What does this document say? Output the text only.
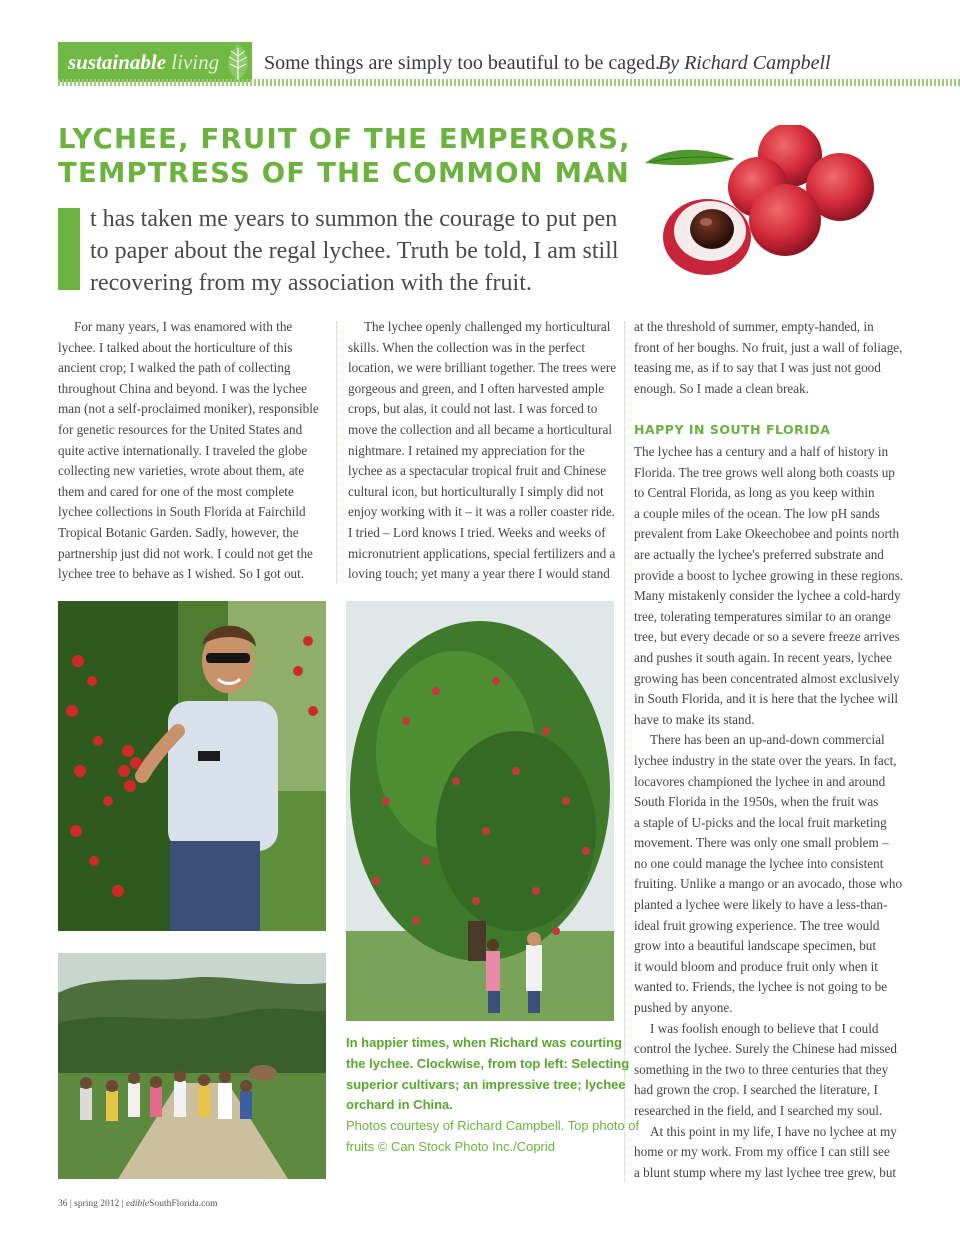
sustainable living Some things are simply too beautiful to be caged.
By Richard Campbell
LYCHEE, FRUIT OF THE EMPERORS,
TEMPTRESS OF THE COMMON MAN
t has taken me years to summon the courage to put pen
to paper about the regal lychee. Truth be told, I am still
recovering from my association with the fruit.
For many years, I was enamored with the
lychee. I talked about the horticulture of this
ancient crop; I walked the path of collecting
throughout China and beyond. I was the lychee
man (not a self-proclaimed moniker), responsible
for genetic resources for the United States and
quite active internationally. I traveled the globe
collecting new varieties, wrote about them, ate
them and cared for one of the most complete
lychee collections in South Florida at Fairchild
Tropical Botanic Garden. Sadly, however, the
partnership just did not work. I could not get the
lychee tree to behave as I wished. So I got out.
The lychee openly challenged my horticultural
skills. When the collection was in the perfect
location, we were brilliant together. The trees were
gorgeous and green, and I often harvested ample
crops, but alas, it could not last. I was forced to
move the collection and all became a horticultural
nightmare. I retained my appreciation for the
lychee as a spectacular tropical fruit and Chinese
cultural icon, but horticulturally I simply did not
enjoy working with it – it was a roller coaster ride.
I tried – Lord knows I tried. Weeks and weeks of
micronutrient applications, special fertilizers and a
loving touch; yet many a year there I would stand
at the threshold of summer, empty-handed, in
front of her boughs. No fruit, just a wall of foliage,
teasing me, as if to say that I was just not good
enough. So I made a clean break.
HAPPY IN SOUTH FLORIDA
The lychee has a century and a half of history in
Florida. The tree grows well along both coasts up
to Central Florida, as long as you keep within
a couple miles of the ocean. The low pH sands
prevalent from Lake Okeechobee and points north
are actually the lychee's preferred substrate and
provide a boost to lychee growing in these regions.
Many mistakenly consider the lychee a cold-hardy
tree, tolerating temperatures similar to an orange
tree, but every decade or so a severe freeze arrives
and pushes it south again. In recent years, lychee
growing has been concentrated almost exclusively
in South Florida, and it is here that the lychee will
have to make its stand.
There has been an up-and-down commercial
lychee industry in the state over the years. In fact,
locavores championed the lychee in and around
South Florida in the 1950s, when the fruit was
a staple of U-picks and the local fruit marketing
movement. There was only one small problem –
no one could manage the lychee into consistent
fruiting. Unlike a mango or an avocado, those who
planted a lychee were likely to have a less-than-
ideal fruit growing experience. The tree would
grow into a beautiful landscape specimen, but
it would bloom and produce fruit only when it
wanted to. Friends, the lychee is not going to be
pushed by anyone.
I was foolish enough to believe that I could
control the lychee. Surely the Chinese had missed
something in the two to three centuries that they
had grown the crop. I searched the literature, I
researched in the field, and I searched my soul.
At this point in my life, I have no lychee at my
home or my work. From my office I can still see
a blunt stump where my last lychee tree grew, but
In happier times, when Richard was courting
the lychee. Clockwise, from top left: Selecting
superior cultivars; an impressive tree; lychee
orchard in China.
Photos courtesy of Richard Campbell. Top photo of
fruits © Can Stock Photo Inc./Coprid
36 | spring 2012 | edibleSouthFlorida.com
